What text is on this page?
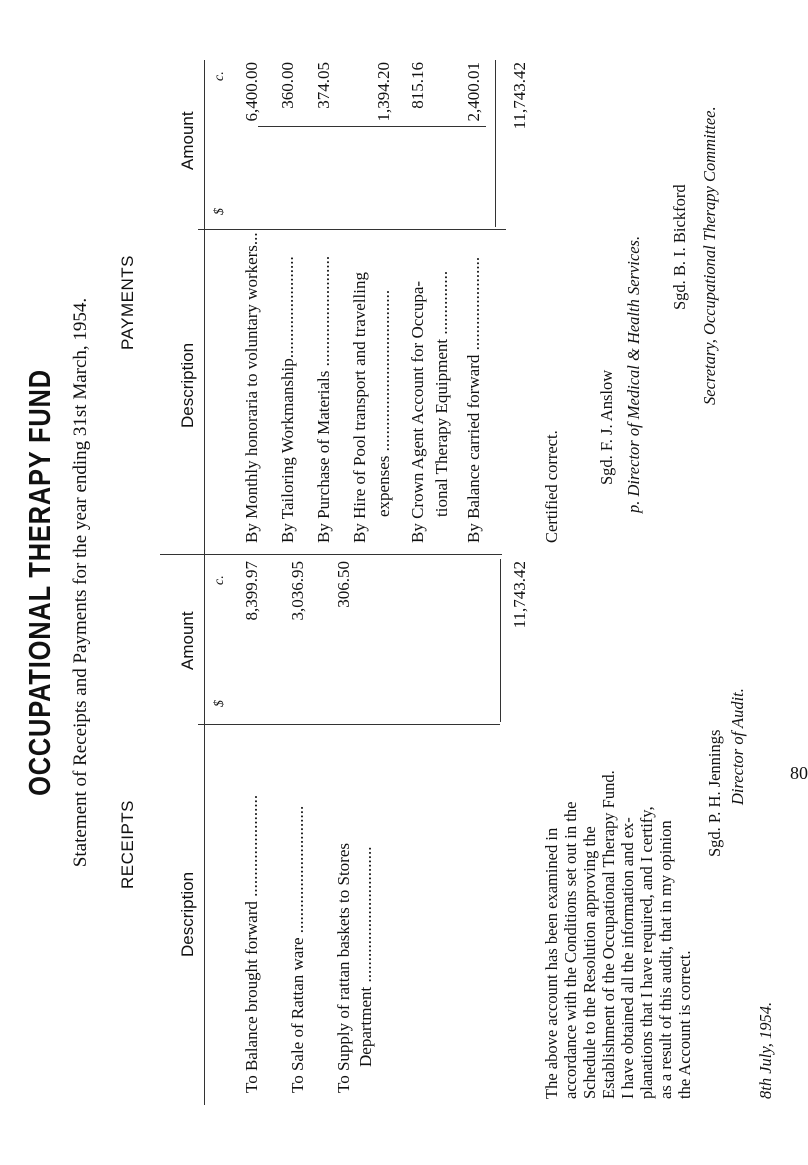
OCCUPATIONAL THERAPY FUND Statement of Receipts and Payments for the year ending 31st March, 1954. RECEIPTS
PAYMENTS
Description
Amount
Description
Amount
$
c.
$
c.
To Balance brought forward ........................
8,399.97
To Sale of Rattan ware ..............................
3,036.95
To Supply of rattan baskets to Stores Department ................................
306.50	11,743.42
By Monthly honoraria to voluntary workers...
6,400.00
By Tailoring Workmanship........................
360.00
By Purchase of Materials ..........................
374.05
By Hire of Pool transport and travelling expenses ......................................
1,394.20
By Crown Agent Account for Occupa- tional Therapy Equipment ...............
815.16
By Balance carried forward ......................
2,400.01 11,743.42
The above account has been examined in accordance with the Conditions set out in the Schedule to the Resolution approving the Establishment of the Occupational Therapy Fund. I have obtained all the information and ex- planations that I have required, and I certify, as a result of this audit, that in my opinion the Account is correct.
Sgd. P. H. Jennings Director of Audit.
8th July, 1954.
Certified correct.
Sgd. F. J. Anslow p. Director of Medical & Health Services. Sgd. B. I. Bickford Secretary, Occupational Therapy Committee.
80
